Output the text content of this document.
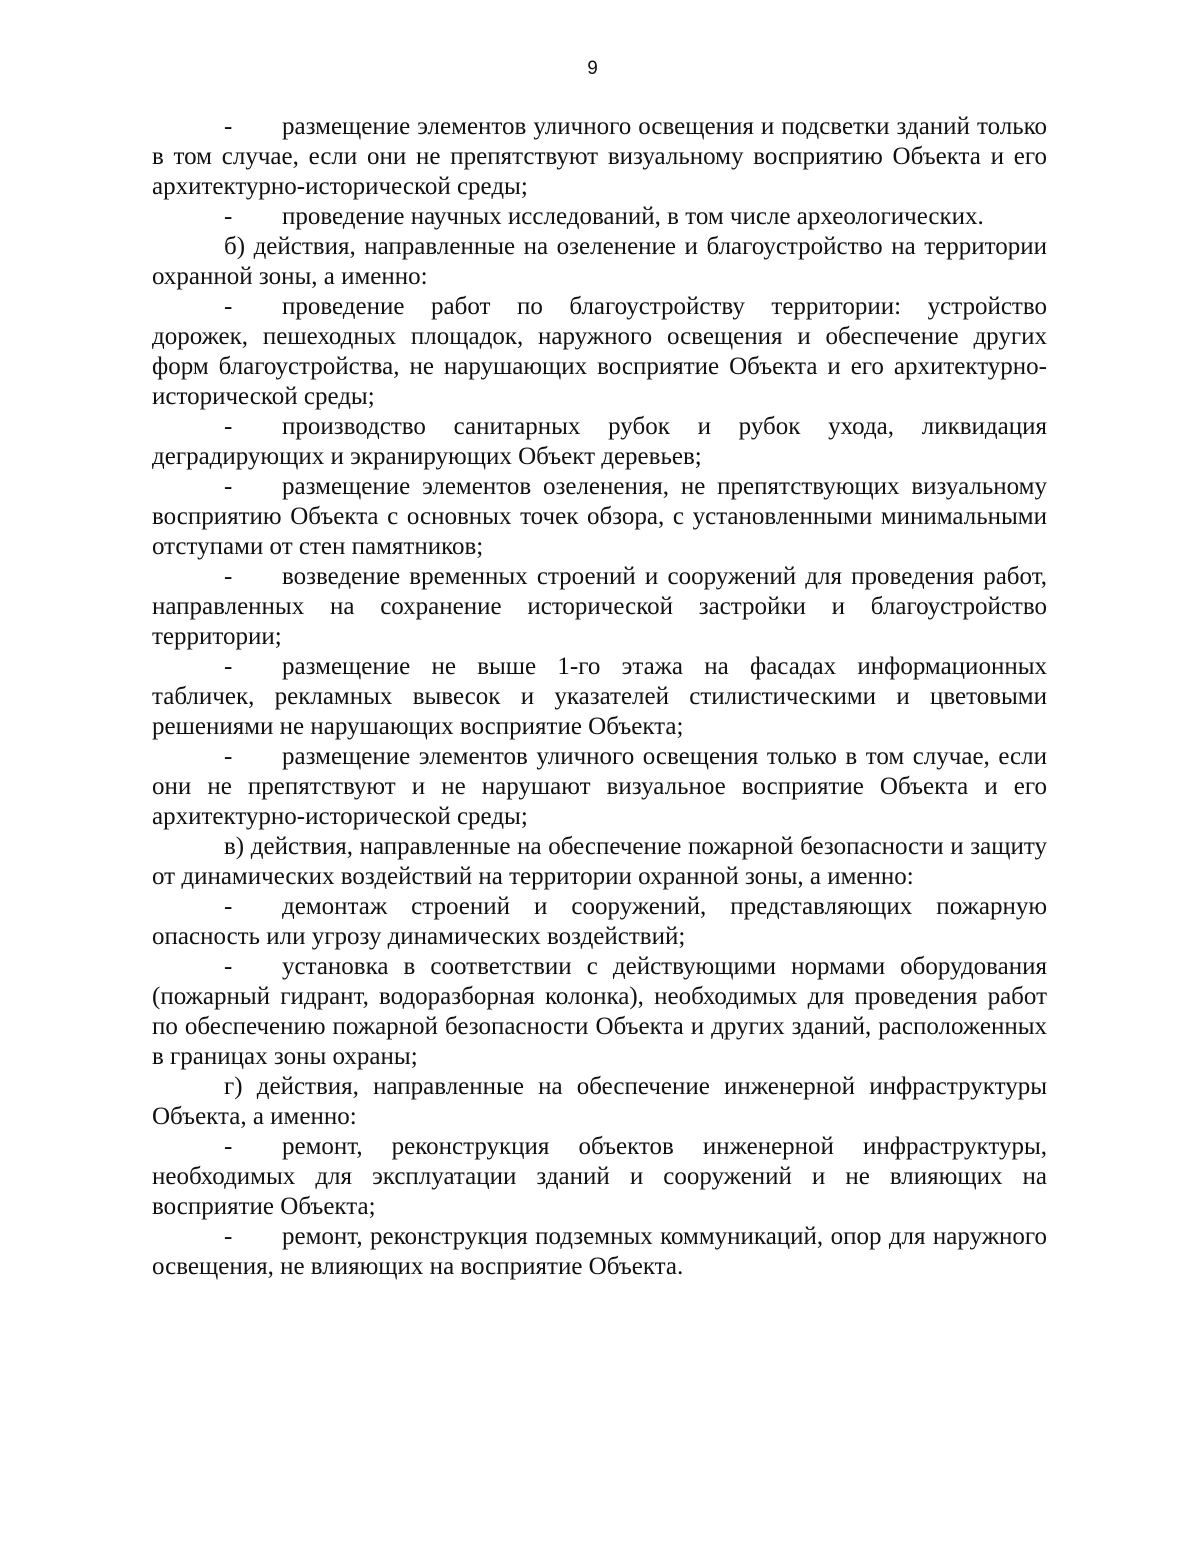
9

- размещение элементов уличного освещения и подсветки зданий только в том случае, если они не препятствуют визуальному восприятию Объекта и его архитектурно-исторической среды;

- проведение научных исследований, в том числе археологических.

б) действия, направленные на озеленение и благоустройство на территории охранной зоны, а именно:

- проведение работ по благоустройству территории: устройство дорожек, пешеходных площадок, наружного освещения и обеспечение других форм благоустройства, не нарушающих восприятие Объекта и его архитектурно-исторической среды;

- производство санитарных рубок и рубок ухода, ликвидация деградирующих и экранирующих Объект деревьев;

- размещение элементов озеленения, не препятствующих визуальному восприятию Объекта с основных точек обзора, с установленными минимальными отступами от стен памятников;

- возведение временных строений и сооружений для проведения работ, направленных на сохранение исторической застройки и благоустройство территории;

- размещение не выше 1-го этажа на фасадах информационных табличек, рекламных вывесок и указателей стилистическими и цветовыми решениями не нарушающих восприятие Объекта;

- размещение элементов уличного освещения только в том случае, если они не препятствуют и не нарушают визуальное восприятие Объекта и его архитектурно-исторической среды;

в) действия, направленные на обеспечение пожарной безопасности и защиту от динамических воздействий на территории охранной зоны, а именно:

- демонтаж строений и сооружений, представляющих пожарную опасность или угрозу динамических воздействий;

- установка в соответствии с действующими нормами оборудования (пожарный гидрант, водоразборная колонка), необходимых для проведения работ по обеспечению пожарной безопасности Объекта и других зданий, расположенных в границах зоны охраны;

г) действия, направленные на обеспечение инженерной инфраструктуры Объекта, а именно:

- ремонт, реконструкция объектов инженерной инфраструктуры, необходимых для эксплуатации зданий и сооружений и не влияющих на восприятие Объекта;

- ремонт, реконструкция подземных коммуникаций, опор для наружного освещения, не влияющих на восприятие Объекта.
